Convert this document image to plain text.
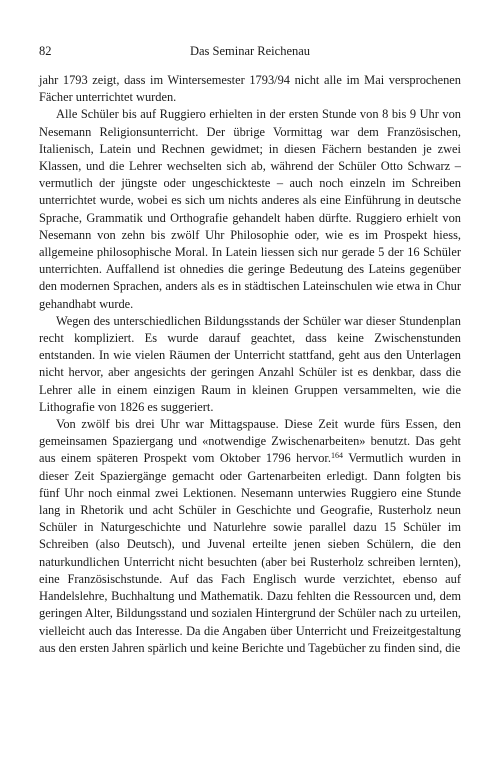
82	Das Seminar Reichenau

jahr 1793 zeigt, dass im Wintersemester 1793/94 nicht alle im Mai versprochenen Fächer unterrichtet wurden.

Alle Schüler bis auf Ruggiero erhielten in der ersten Stunde von 8 bis 9 Uhr von Nesemann Religionsunterricht. Der übrige Vormittag war dem Französischen, Italienisch, Latein und Rechnen gewidmet; in diesen Fächern bestanden je zwei Klassen, und die Lehrer wechselten sich ab, während der Schüler Otto Schwarz – vermutlich der jüngste oder ungeschickteste – auch noch einzeln im Schreiben unterrichtet wurde, wobei es sich um nichts anderes als eine Einführung in deutsche Sprache, Grammatik und Orthografie gehandelt haben dürfte. Ruggiero erhielt von Nesemann von zehn bis zwölf Uhr Philosophie oder, wie es im Prospekt hiess, allgemeine philosophische Moral. In Latein liessen sich nur gerade 5 der 16 Schüler unterrichten. Auffallend ist ohnedies die geringe Bedeutung des Lateins gegenüber den modernen Sprachen, anders als es in städtischen Lateinschulen wie etwa in Chur gehandhabt wurde.

Wegen des unterschiedlichen Bildungsstands der Schüler war dieser Stundenplan recht kompliziert. Es wurde darauf geachtet, dass keine Zwischenstunden entstanden. In wie vielen Räumen der Unterricht stattfand, geht aus den Unterlagen nicht hervor, aber angesichts der geringen Anzahl Schüler ist es denkbar, dass die Lehrer alle in einem einzigen Raum in kleinen Gruppen versammelten, wie die Lithografie von 1826 es suggeriert.

Von zwölf bis drei Uhr war Mittagspause. Diese Zeit wurde fürs Essen, den gemeinsamen Spaziergang und «notwendige Zwischenarbeiten» benutzt. Das geht aus einem späteren Prospekt vom Oktober 1796 hervor.$^{164}$ Vermutlich wurden in dieser Zeit Spaziergänge gemacht oder Gartenarbeiten erledigt. Dann folgten bis fünf Uhr noch einmal zwei Lektionen. Nesemann unterwies Ruggiero eine Stunde lang in Rhetorik und acht Schüler in Geschichte und Geografie, Rusterholz neun Schüler in Naturgeschichte und Naturlehre sowie parallel dazu 15 Schüler im Schreiben (also Deutsch), und Juvenal erteilte jenen sieben Schülern, die den naturkundlichen Unterricht nicht besuchten (aber bei Rusterholz schreiben lernten), eine Französischstunde. Auf das Fach Englisch wurde verzichtet, ebenso auf Handelslehre, Buchhaltung und Mathematik. Dazu fehlten die Ressourcen und, dem geringen Alter, Bildungsstand und sozialen Hintergrund der Schüler nach zu urteilen, vielleicht auch das Interesse. Da die Angaben über Unterricht und Freizeitgestaltung aus den ersten Jahren spärlich und keine Berichte und Tagebücher zu finden sind, die
